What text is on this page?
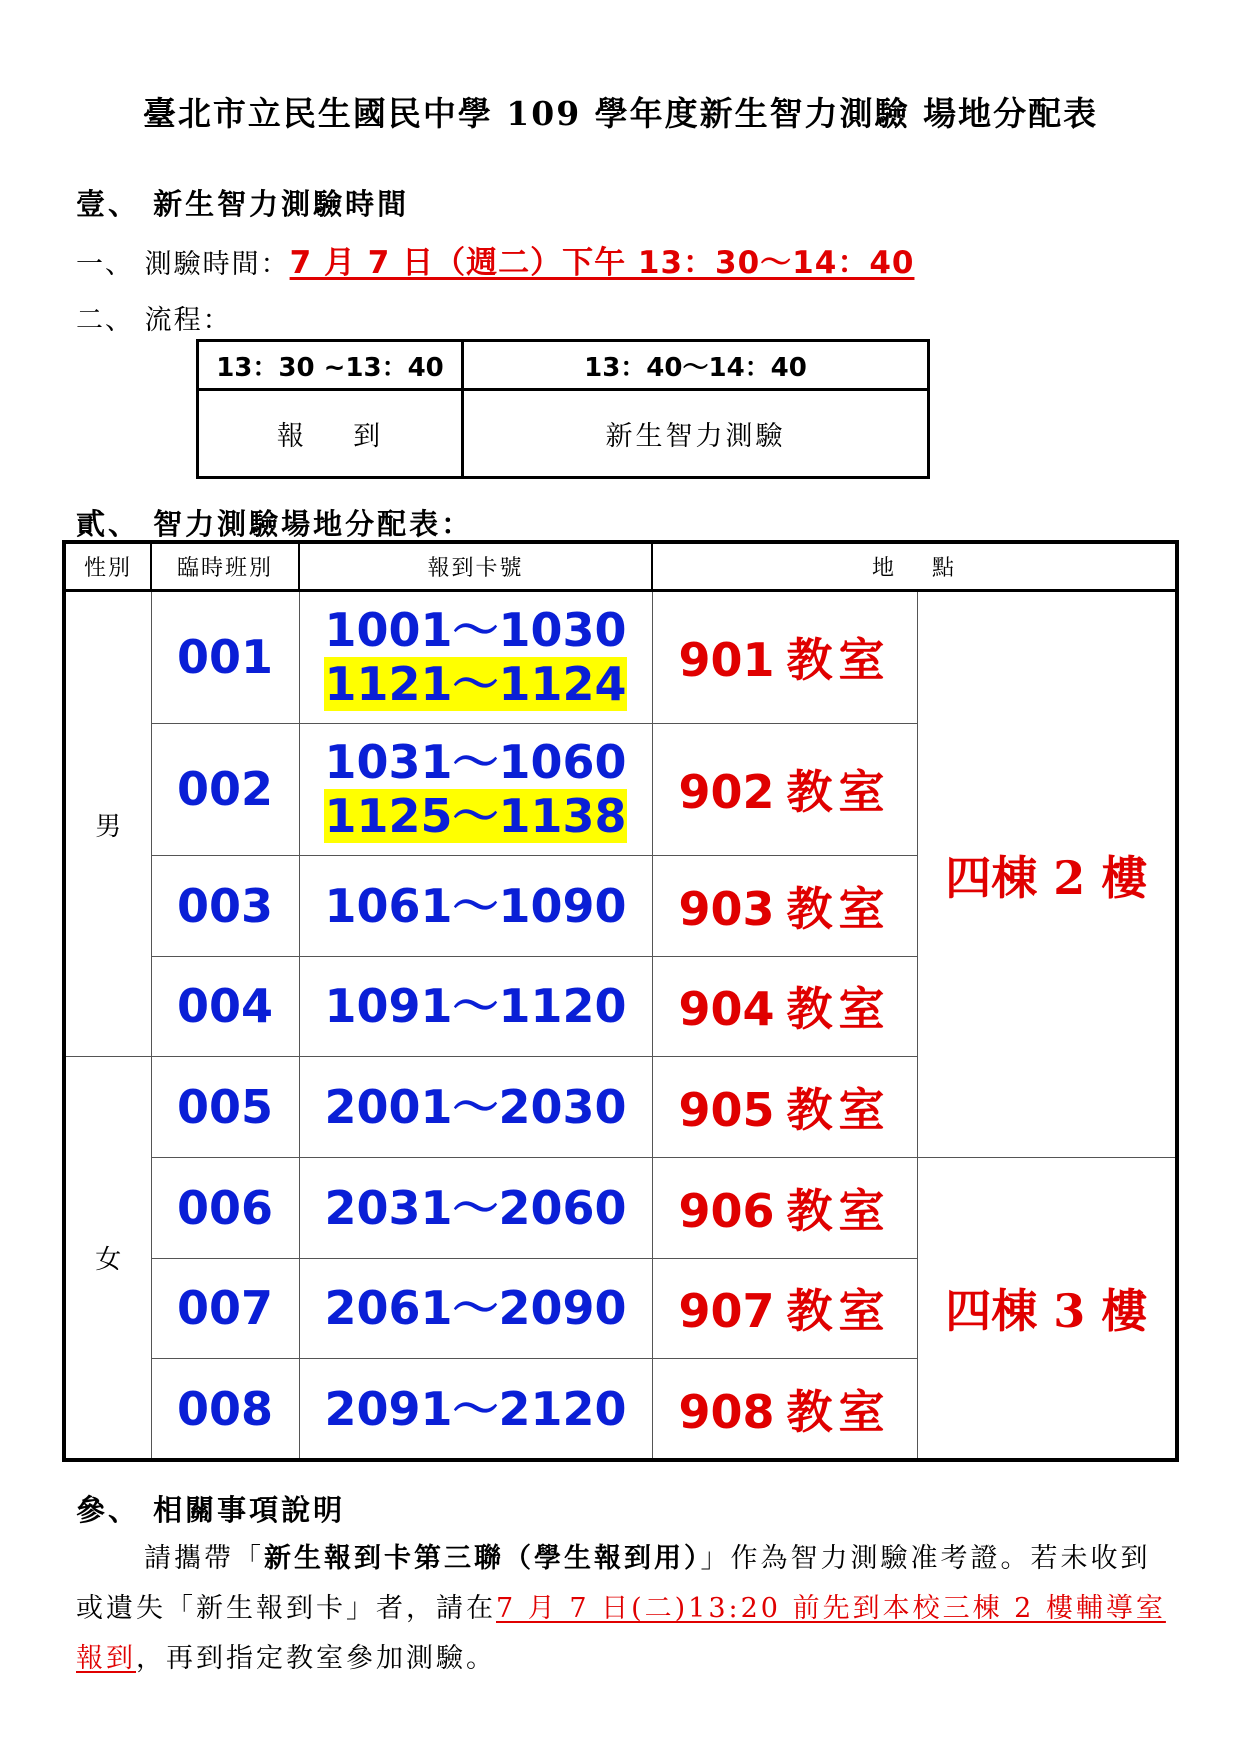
臺北市立民生國民中學 109 學年度新生智力測驗 場地分配表
壹、 新生智力測驗時間
一、 測驗時間：7 月 7 日（週二）下午 13：30～14：40
二、 流程：
13：30 ~13：40	13：40～14：40
報    到	新生智力測驗
貳、 智力測驗場地分配表：
性別	臨時班別	報到卡號	地    點	
男	001	1001～1030
1121～1124	901 教室	四棟 2 樓
	002	1031～1060
1125～1138	902 教室	
	003	1061～1090	903 教室	
	004	1091～1120	904 教室	
女	005	2001～2030	905 教室	
	006	2031～2060	906 教室	四棟 3 樓
	007	2061～2090	907 教室	
	008	2091～2120	908 教室	
參、 相關事項說明
請攜帶「新生報到卡第三聯（學生報到用）」作為智力測驗准考證。若未收到或遺失「新生報到卡」者，請在7 月 7 日(二)13:20 前先到本校三棟 2 樓輔導室報到，再到指定教室參加測驗。
